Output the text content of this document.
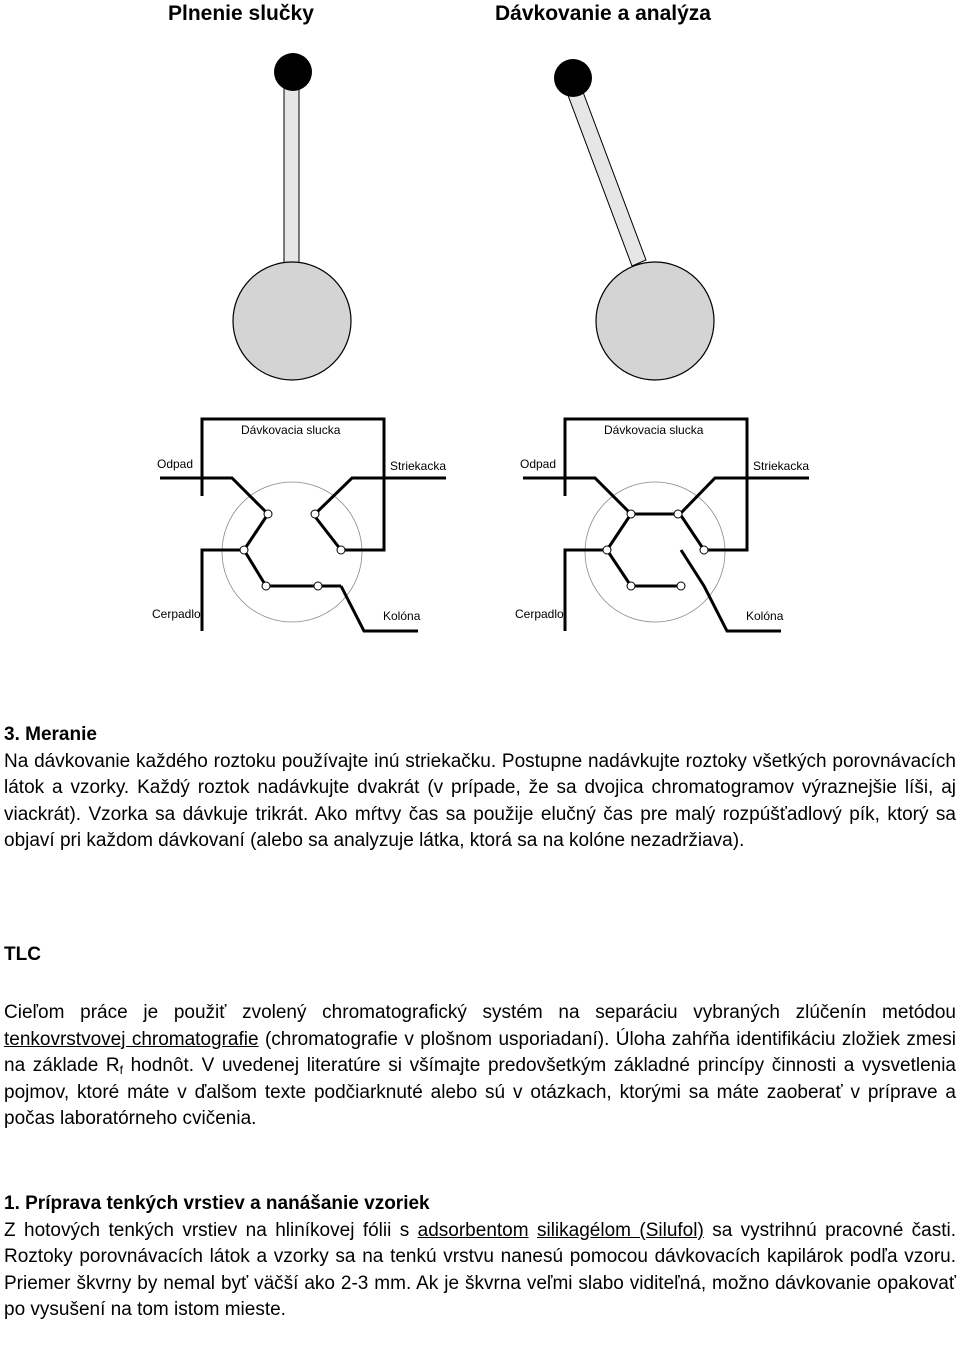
Plnenie slučky	Dávkovanie a analýza
Dávkovacia slucka
Odpad	Striekacka
Cerpadlo	Kolóna
Dávkovacia slucka
Odpad	Striekacka
Cerpadlo	Kolóna

3. Meranie

Na dávkovanie každého roztoku používajte inú striekačku. Postupne nadávkujte roztoky všetkých porovnávacích látok a vzorky. Každý roztok nadávkujte dvakrát (v prípade, že sa dvojica chromatogramov výraznejšie líši, aj viackrát). Vzorka sa dávkuje trikrát. Ako mŕtvy čas sa použije elučný čas pre malý rozpúšťadlový pík, ktorý sa objaví pri každom dávkovaní (alebo sa analyzuje látka, ktorá sa na kolóne nezadržiava).

TLC

Cieľom práce je použiť zvolený chromatografický systém na separáciu vybraných zlúčenín metódou tenkovrstvovej chromatografie (chromatografie v plošnom usporiadaní). Úloha zahŕňa identifikáciu zložiek zmesi na základe $R_f$ hodnôt. V uvedenej literatúre si všímajte predovšetkým základné princípy činnosti a vysvetlenia pojmov, ktoré máte v ďalšom texte podčiarknuté alebo sú v otázkach, ktorými sa máte zaoberať v príprave a počas laboratórneho cvičenia.

1. Príprava tenkých vrstiev a nanášanie vzoriek

Z hotových tenkých vrstiev na hliníkovej fólii s adsorbentom silikagélom (Silufol) sa vystrihnú pracovné časti. Roztoky porovnávacích látok a vzorky sa na tenkú vrstvu nanesú pomocou dávkovacích kapilárok podľa vzoru. Priemer škvrny by nemal byť väčší ako 2-3 mm. Ak je škvrna veľmi slabo viditeľná, možno dávkovanie opakovať po vysušení na tom istom mieste.
